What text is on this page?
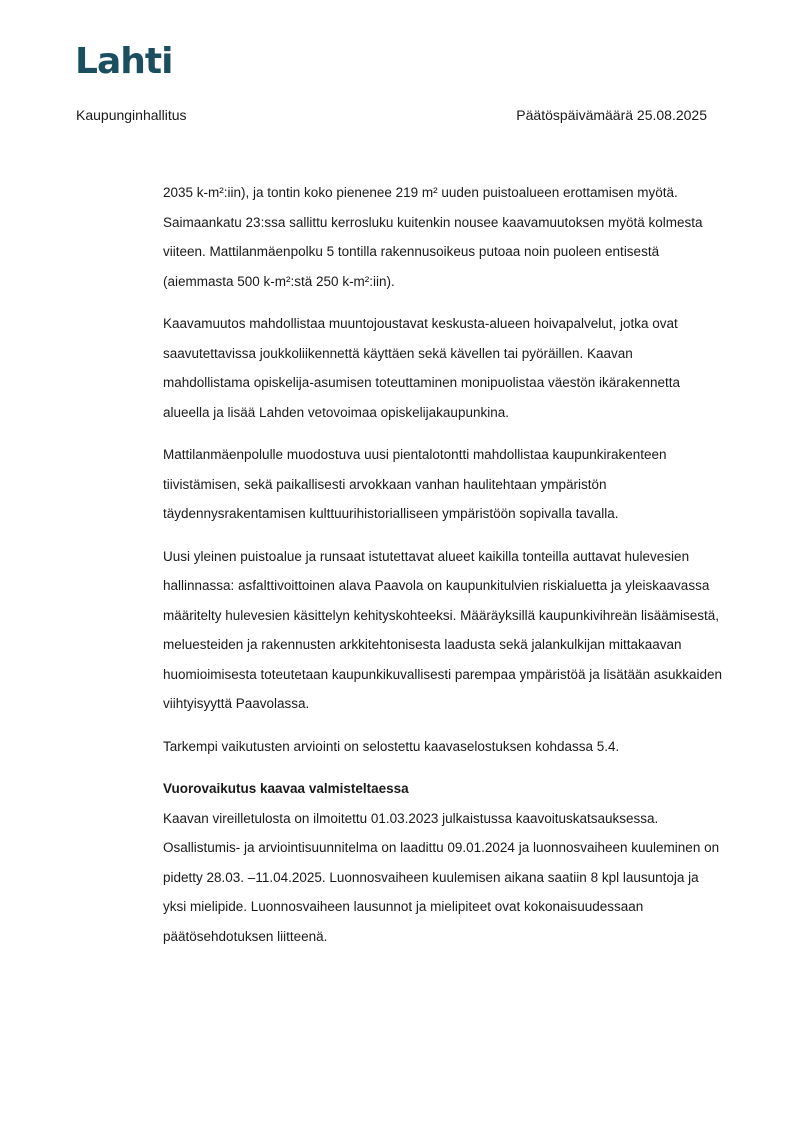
Lahti
Kaupunginhallitus	Päätöspäivämäärä 25.08.2025

2035 k-m²:iin), ja tontin koko pienenee 219 m² uuden puistoalueen erottamisen myötä. Saimaankatu 23:ssa sallittu kerrosluku kuitenkin nousee kaavamuutoksen myötä kolmesta viiteen. Mattilanmäenpolku 5 tontilla rakennusoikeus putoaa noin puoleen entisestä (aiemmasta 500 k-m²:stä 250 k-m²:iin).

Kaavamuutos mahdollistaa muuntojoustavat keskusta-alueen hoivapalvelut, jotka ovat saavutettavissa joukkoliikennettä käyttäen sekä kävellen tai pyöräillen. Kaavan mahdollistama opiskelija-asumisen toteuttaminen monipuolistaa väestön ikärakennetta alueella ja lisää Lahden vetovoimaa opiskelijakaupunkina.

Mattilanmäenpolulle muodostuva uusi pientalotontti mahdollistaa kaupunkirakenteen tiivistämisen, sekä paikallisesti arvokkaan vanhan haulitehtaan ympäristön täydennysrakentamisen kulttuurihistorialliseen ympäristöön sopivalla tavalla.

Uusi yleinen puistoalue ja runsaat istutettavat alueet kaikilla tonteilla auttavat hulevesien hallinnassa: asfalttivoittoinen alava Paavola on kaupunkitulvien riskialuetta ja yleiskaavassa määritelty hulevesien käsittelyn kehityskohteeksi. Määräyksillä kaupunkivihreän lisäämisestä, meluesteiden ja rakennusten arkkitehtonisesta laadusta sekä jalankulkijan mittakaavan huomioimisesta toteutetaan kaupunkikuvallisesti parempaa ympäristöä ja lisätään asukkaiden viihtyisyyttä Paavolassa.

Tarkempi vaikutusten arviointi on selostettu kaavaselostuksen kohdassa 5.4.

Vuorovaikutus kaavaa valmisteltaessa

Kaavan vireilletulosta on ilmoitettu 01.03.2023 julkaistussa kaavoituskatsauksessa. Osallistumis- ja arviointisuunnitelma on laadittu 09.01.2024 ja luonnosvaiheen kuuleminen on pidetty 28.03. –11.04.2025. Luonnosvaiheen kuulemisen aikana saatiin 8 kpl lausuntoja ja yksi mielipide. Luonnosvaiheen lausunnot ja mielipiteet ovat kokonaisuudessaan päätösehdotuksen liitteenä.
